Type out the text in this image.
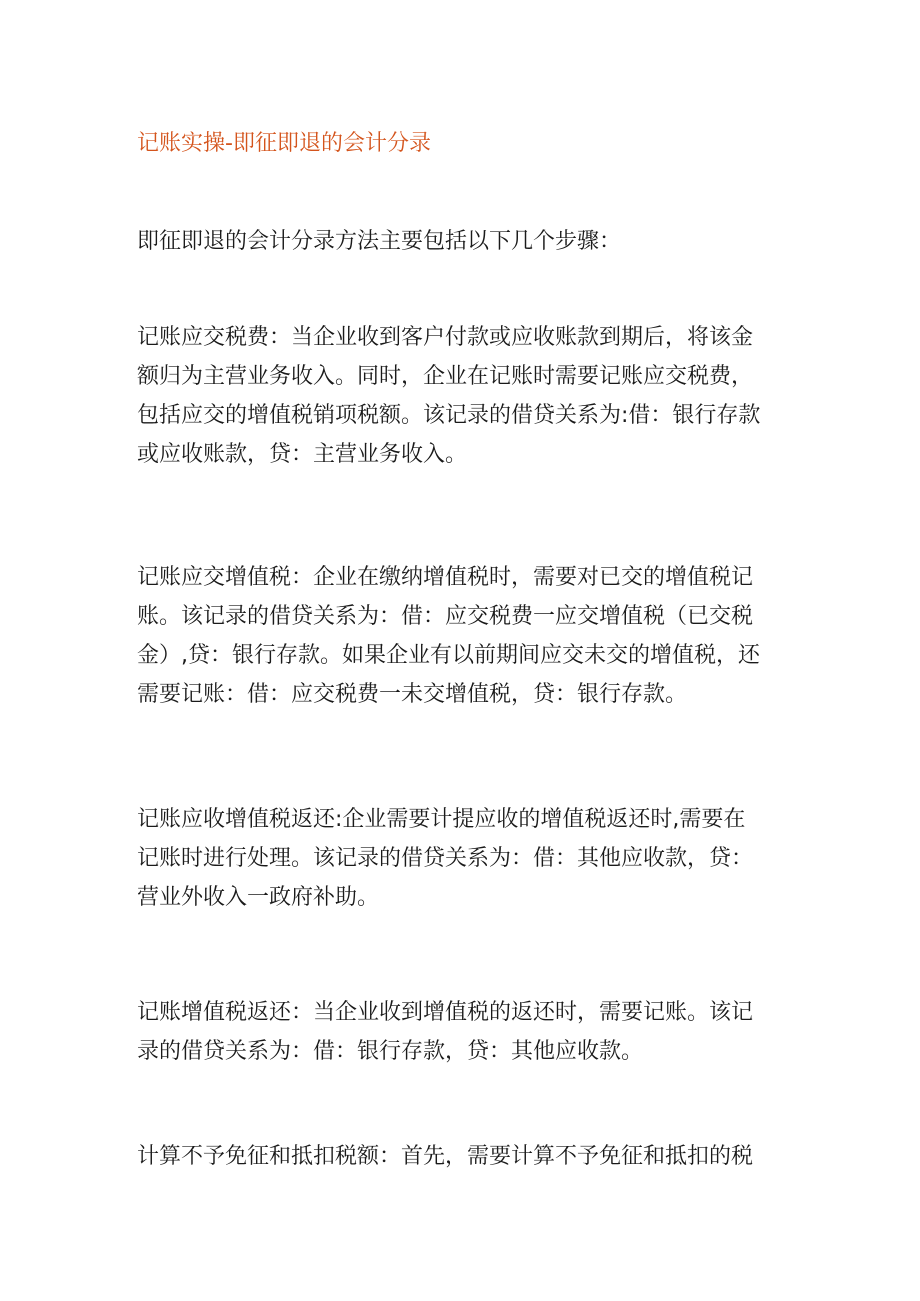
记账实操-即征即退的会计分录
即征即退的会计分录方法主要包括以下几个步骤：
记账应交税费：当企业收到客户付款或应收账款到期后，将该金
额归为主营业务收入。同时，企业在记账时需要记账应交税费，
包括应交的增值税销项税额。该记录的借贷关系为:借：银行存款
或应收账款，贷：主营业务收入。
记账应交增值税：企业在缴纳增值税时，需要对已交的增值税记
账。该记录的借贷关系为：借：应交税费一应交增值税（已交税
金）,贷：银行存款。如果企业有以前期间应交未交的增值税，还
需要记账：借：应交税费一未交增值税，贷：银行存款。
记账应收增值税返还:企业需要计提应收的增值税返还时,需要在
记账时进行处理。该记录的借贷关系为：借：其他应收款，贷：
营业外收入一政府补助。
记账增值税返还：当企业收到增值税的返还时，需要记账。该记
录的借贷关系为：借：银行存款，贷：其他应收款。
计算不予免征和抵扣税额：首先，需要计算不予免征和抵扣的税
